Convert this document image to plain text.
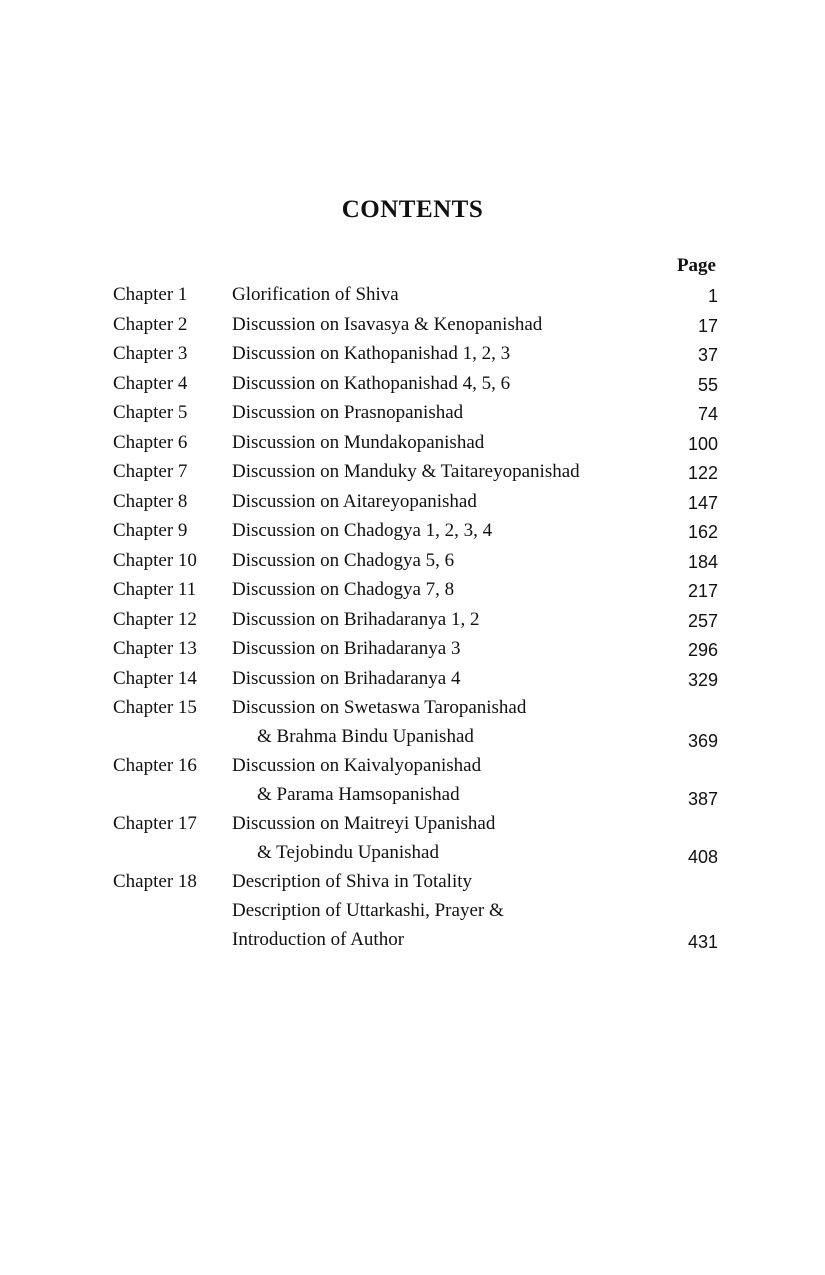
CONTENTS
Page
Chapter 1 Glorification of Shiva	1
Chapter 2 Discussion on Isavasya & Kenopanishad	17
Chapter 3 Discussion on Kathopanishad 1, 2, 3	37
Chapter 4 Discussion on Kathopanishad 4, 5, 6	55
Chapter 5 Discussion on Prasnopanishad	74
Chapter 6 Discussion on Mundakopanishad	100
Chapter 7 Discussion on Manduky & Taitareyopanishad	122
Chapter 8 Discussion on Aitareyopanishad	147
Chapter 9 Discussion on Chadogya 1, 2, 3, 4	162
Chapter 10 Discussion on Chadogya 5, 6	184
Chapter 11 Discussion on Chadogya 7, 8	217
Chapter 12 Discussion on Brihadaranya 1, 2	257
Chapter 13 Discussion on Brihadaranya 3	296
Chapter 14 Discussion on Brihadaranya 4	329
Chapter 15 Discussion on Swetaswa Taropanishad
& Brahma Bindu Upanishad	369
Chapter 16 Discussion on Kaivalyopanishad
& Parama Hamsopanishad	387
Chapter 17 Discussion on Maitreyi Upanishad
& Tejobindu Upanishad	408
Chapter 18 Description of Shiva in Totality
Description of Uttarkashi, Prayer &
Introduction of Author	431
